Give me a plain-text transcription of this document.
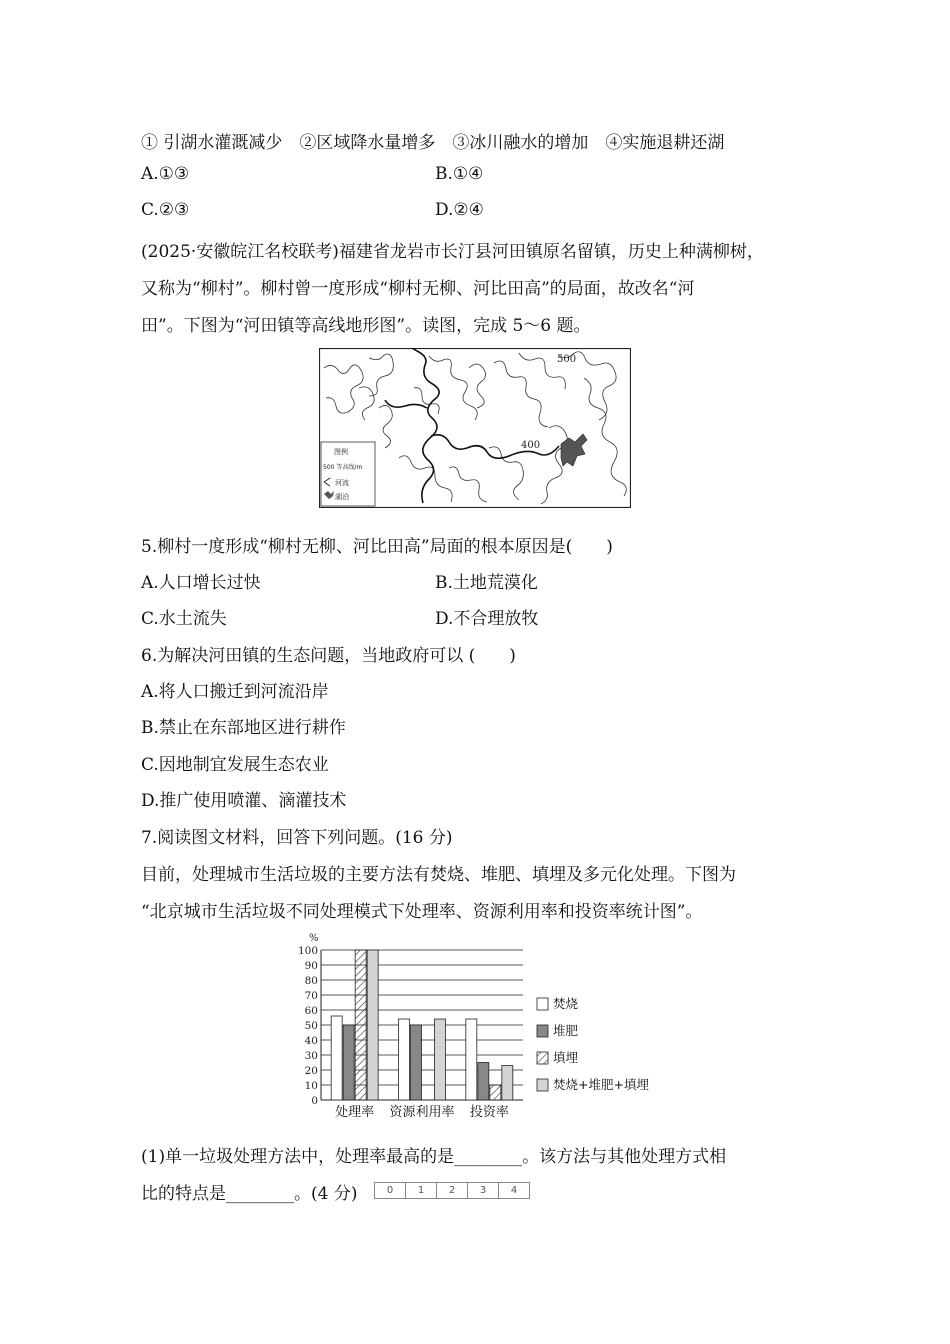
① 引湖水灌溉减少　②区域降水量增多　③冰川融水的增加　④实施退耕还湖
A.①③	B.①④
C.②③	D.②④
(2025·安徽皖江名校联考)福建省龙岩市长汀县河田镇原名留镇，历史上种满柳树，
又称为“柳村”。柳村曾一度形成“柳村无柳、河比田高”的局面，故改名“河
田”。下图为“河田镇等高线地形图”。读图，完成 5～6 题。
500
400
图例
500 等高线/m
河流
湖泊
5.柳村一度形成“柳村无柳、河比田高”局面的根本原因是(　　)
A.人口增长过快	B.土地荒漠化
C.水土流失	D.不合理放牧
6.为解决河田镇的生态问题，当地政府可以 (　　)
A.将人口搬迁到河流沿岸
B.禁止在东部地区进行耕作
C.因地制宜发展生态农业
D.推广使用喷灌、滴灌技术
7.阅读图文材料，回答下列问题。(16 分)
目前，处理城市生活垃圾的主要方法有焚烧、堆肥、填埋及多元化处理。下图为
“北京城市生活垃圾不同处理模式下处理率、资源利用率和投资率统计图”。
%
0
10
20
30
40
50
60
70
80
90
100
处理率 资源利用率 投资率
焚烧
堆肥
填埋
焚烧+堆肥+填埋
(1)单一垃圾处理方法中，处理率最高的是________。该方法与其他处理方式相
比的特点是________。(4 分)	0 1 2 3 4
